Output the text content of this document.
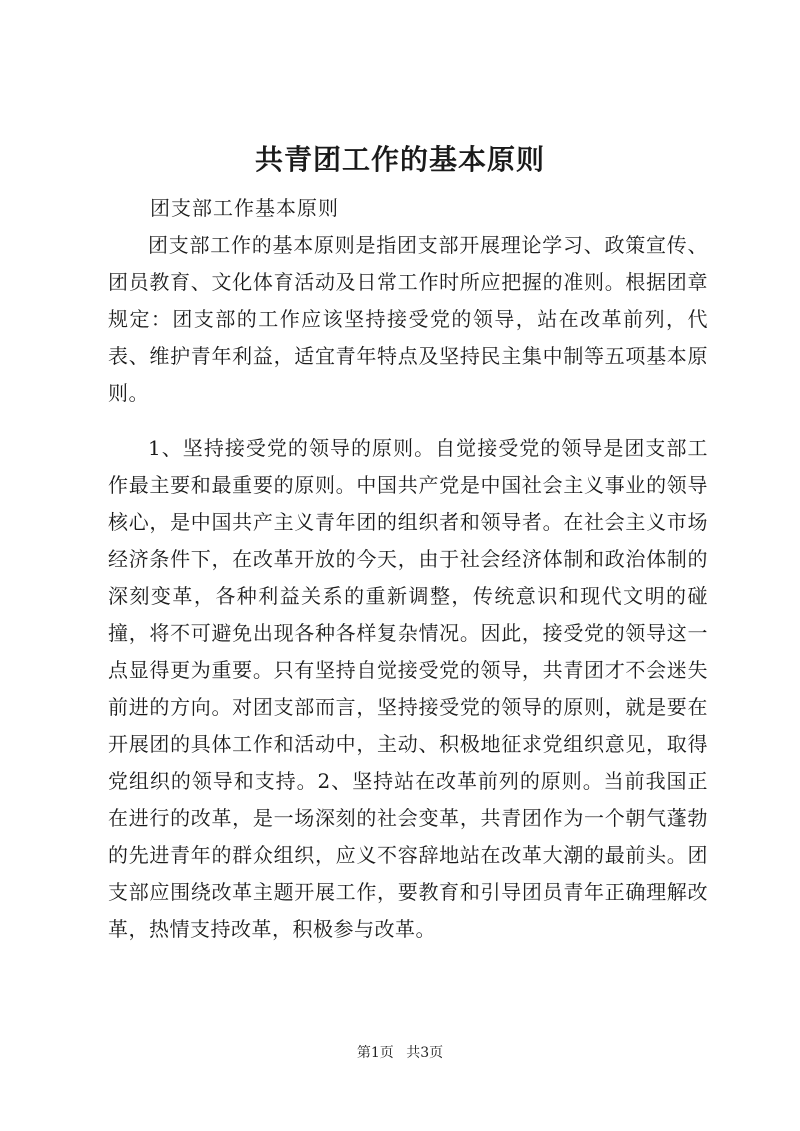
共青团工作的基本原则
团支部工作基本原则

团支部工作的基本原则是指团支部开展理论学习、政策宣传、团员教育、文化体育活动及日常工作时所应把握的准则。根据团章规定：团支部的工作应该坚持接受党的领导，站在改革前列，代表、维护青年利益，适宜青年特点及坚持民主集中制等五项基本原则。

1、坚持接受党的领导的原则。自觉接受党的领导是团支部工作最主要和最重要的原则。中国共产党是中国社会主义事业的领导核心，是中国共产主义青年团的组织者和领导者。在社会主义市场经济条件下，在改革开放的今天，由于社会经济体制和政治体制的深刻变革，各种利益关系的重新调整，传统意识和现代文明的碰撞，将不可避免出现各种各样复杂情况。因此，接受党的领导这一点显得更为重要。只有坚持自觉接受党的领导，共青团才不会迷失前进的方向。对团支部而言，坚持接受党的领导的原则，就是要在开展团的具体工作和活动中，主动、积极地征求党组织意见，取得党组织的领导和支持。2、坚持站在改革前列的原则。当前我国正在进行的改革，是一场深刻的社会变革，共青团作为一个朝气蓬勃的先进青年的群众组织，应义不容辞地站在改革大潮的最前头。团支部应围绕改革主题开展工作，要教育和引导团员青年正确理解改革，热情支持改革，积极参与改革。

第1页 共3页
